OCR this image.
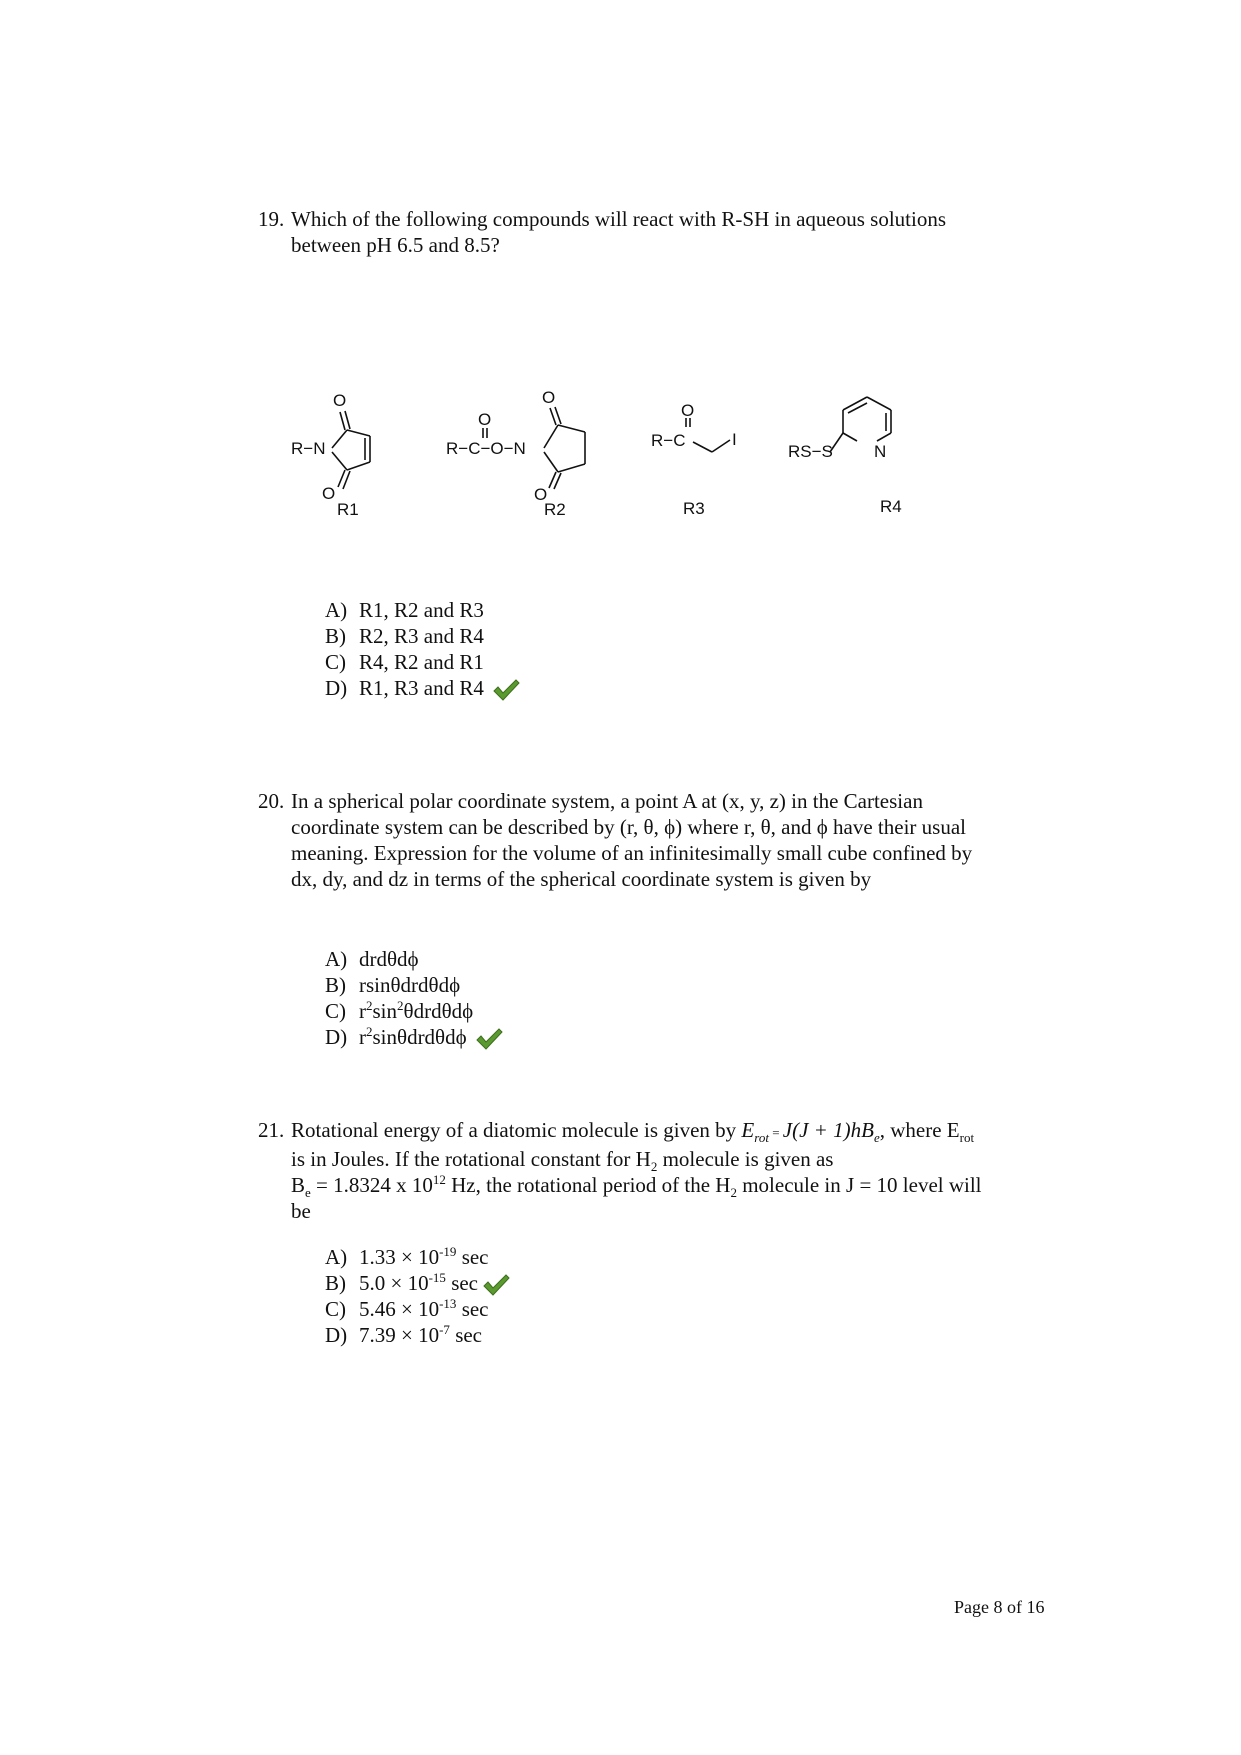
19. Which of the following compounds will react with R-SH in aqueous solutions
between pH 6.5 and 8.5?
R−N
O
O
R1
R−C−O−N
O
O
O
R2
R−C
O
I
R3
RS−S N
R4
A) R1, R2 and R3
B) R2, R3 and R4
C) R4, R2 and R1
D) R1, R3 and R4
20. In a spherical polar coordinate system, a point A at (x, y, z) in the Cartesian
coordinate system can be described by (r, θ, ϕ) where r, θ, and ϕ have their usual
meaning. Expression for the volume of an infinitesimally small cube confined by
dx, dy, and dz in terms of the spherical coordinate system is given by
A) drdθdϕ
B) rsinθdrdθdϕ
C) $r^2\sin^2\theta drd\theta d\phi$
D) $r^2\sin\theta drd\theta d\phi$
21. Rotational energy of a diatomic molecule is given by $E_{rot} = J(J + 1)hB_e$, where $E_{rot}$
is in Joules. If the rotational constant for $H_2$ molecule is given as
$B_e = 1.8324$ x $10^{12}$ Hz, the rotational period of the $H_2$ molecule in J = 10 level will
be
A) $1.33 \times 10^{-19}$ sec
B) $5.0 \times 10^{-15}$ sec
C) $5.46 \times 10^{-13}$ sec
D) $7.39 \times 10^{-7}$ sec
Page 8 of 16
